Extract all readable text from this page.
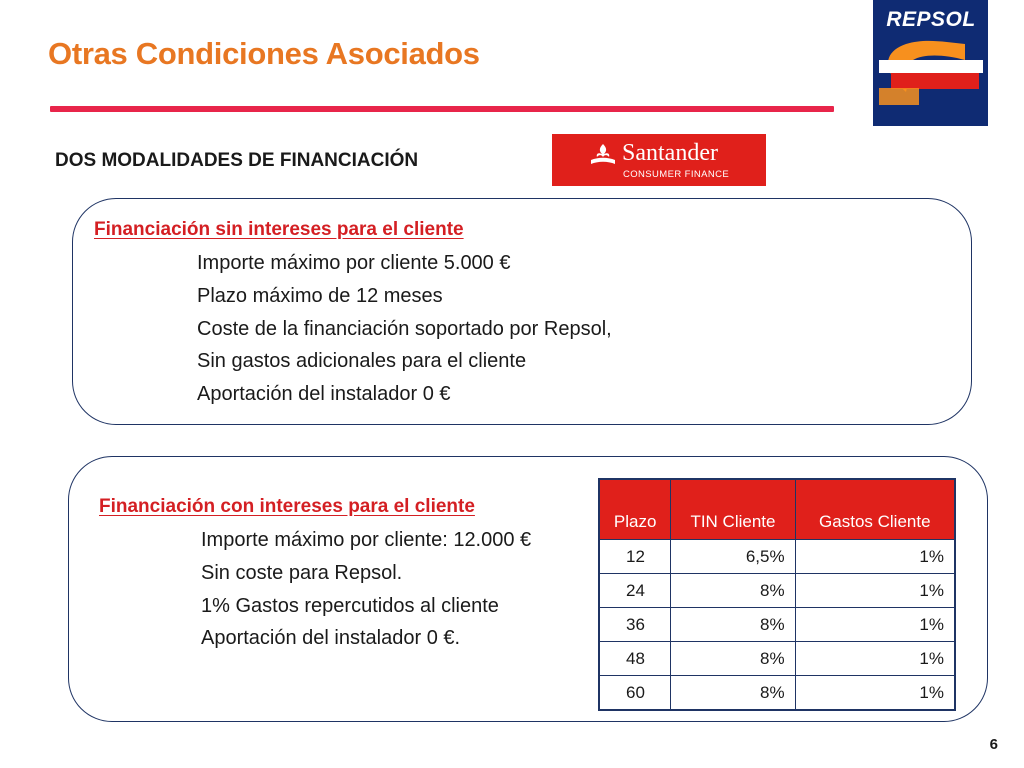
Otras Condiciones Asociados
REPSOL
DOS MODALIDADES DE FINANCIACIÓN	Santander
CONSUMER FINANCE
Financiación sin intereses para el cliente
Importe máximo por cliente 5.000 €
Plazo máximo de 12 meses
Coste de la financiación soportado por Repsol,
Sin gastos adicionales para el cliente
Aportación del instalador 0 €
Financiación con intereses para el cliente
Importe máximo por cliente: 12.000 €
Sin coste para Repsol.
1% Gastos repercutidos al cliente
Aportación del instalador 0 €.
Plazo	TIN Cliente	Gastos Cliente
12	6,5%	1%
24	8%	1%
36	8%	1%
48	8%	1%
60	8%	1%
6
